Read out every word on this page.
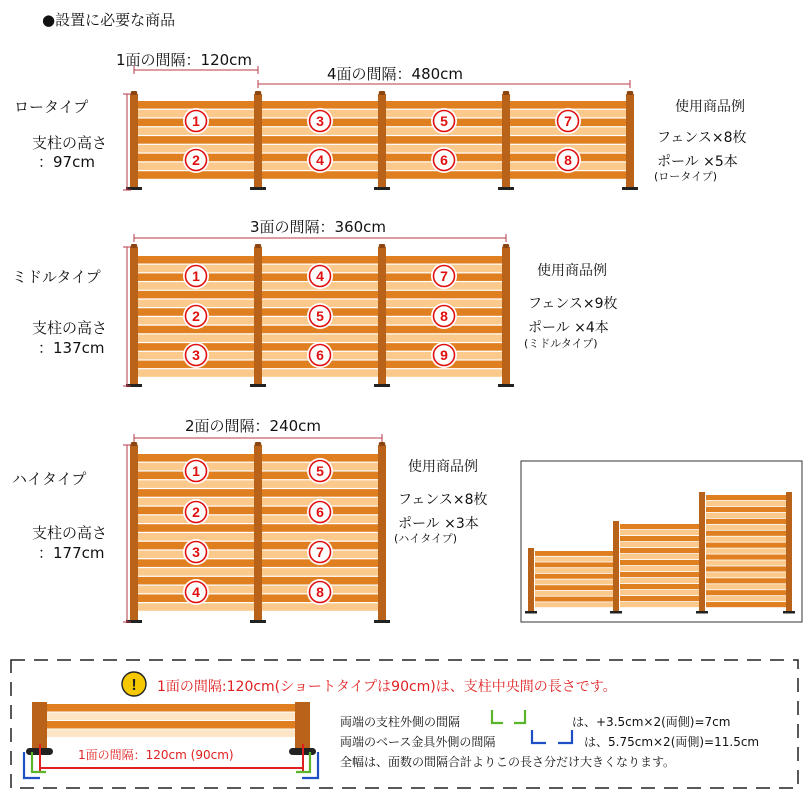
●設置に必要な商品
ロータイプ
支柱の高さ
：97cm
1面の間隔：120cm
4面の間隔：480cm
使用商品例
フェンス×8枚
ポール ×5本
(ロータイプ)
ミドルタイプ
支柱の高さ
：137cm
3面の間隔：360cm
使用商品例
フェンス×9枚
ポール ×4本
(ミドルタイプ)
ハイタイプ
支柱の高さ
：177cm
2面の間隔：240cm
使用商品例
フェンス×8枚
ポール ×3本
(ハイタイプ)
1面の間隔:120cm(ショートタイプは90cm)は、支柱中央間の長さです。
1面の間隔：120cm (90cm)
両端の支柱外側の間隔	は、+3.5cm×2(両側)=7cm
両端のベース金具外側の間隔	は、5.75cm×2(両側)=11.5cm
全幅は、面数の間隔合計よりこの長さ分だけ大きくなります。
1
2
3
4
5
6
7
8
1
2
3
4
5
6
7
8
9
1
2
3
4
5
6
7
8
!
